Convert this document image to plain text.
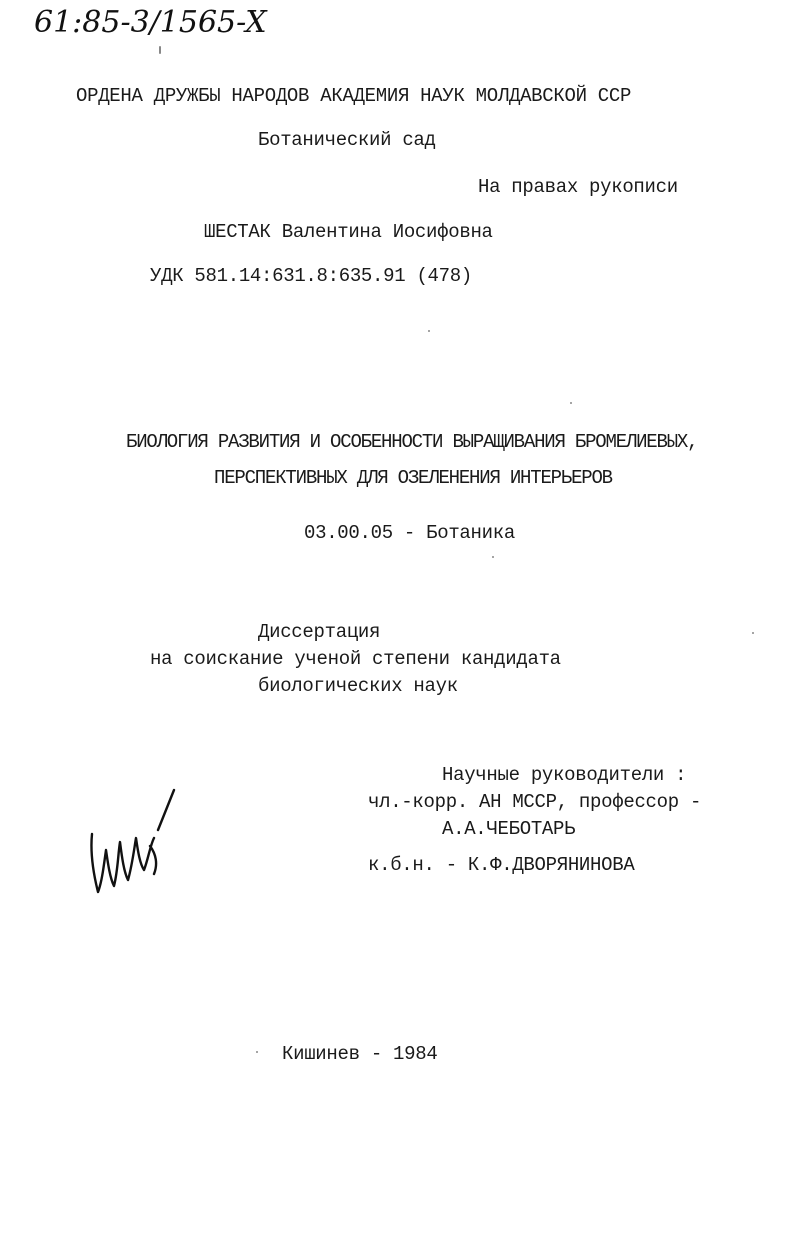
61:85-3/1565-X
ОРДЕНА ДРУЖБЫ НАРОДОВ АКАДЕМИЯ НАУК МОЛДАВСКОЙ ССР
Ботанический сад
На правах рукописи
ШЕСТАК Валентина Иосифовна
УДК 581.14:631.8:635.91 (478)
БИОЛОГИЯ РАЗВИТИЯ И ОСОБЕННОСТИ ВЫРАЩИВАНИЯ БРОМЕЛИЕВЫХ,
ПЕРСПЕКТИВНЫХ ДЛЯ ОЗЕЛЕНЕНИЯ ИНТЕРЬЕРОВ
03.00.05 - Ботаника
Диссертация
на соискание ученой степени кандидата
биологических наук
Научные руководители :
чл.-корр. АН МССР, профессор -
А.А.ЧЕБОТАРЬ
к.б.н. - К.Ф.ДВОРЯНИНОВА
Кишинев - 1984
